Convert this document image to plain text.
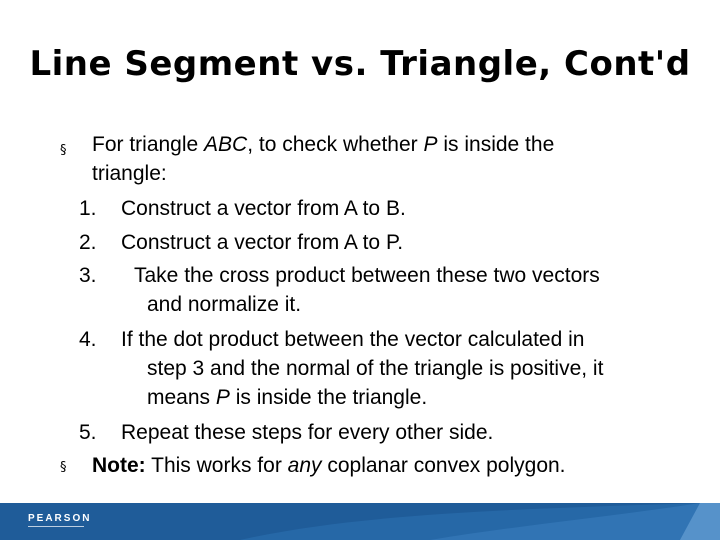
Line Segment vs. Triangle, Cont'd
§ For triangle ABC, to check whether P is inside the
triangle:
1. Construct a vector from A to B.
2. Construct a vector from A to P.
3. Take the cross product between these two vectors
and normalize it.
4. If the dot product between the vector calculated in
step 3 and the normal of the triangle is positive, it
means P is inside the triangle.
5. Repeat these steps for every other side.
§ Note: This works for any coplanar convex polygon.
PEARSON
